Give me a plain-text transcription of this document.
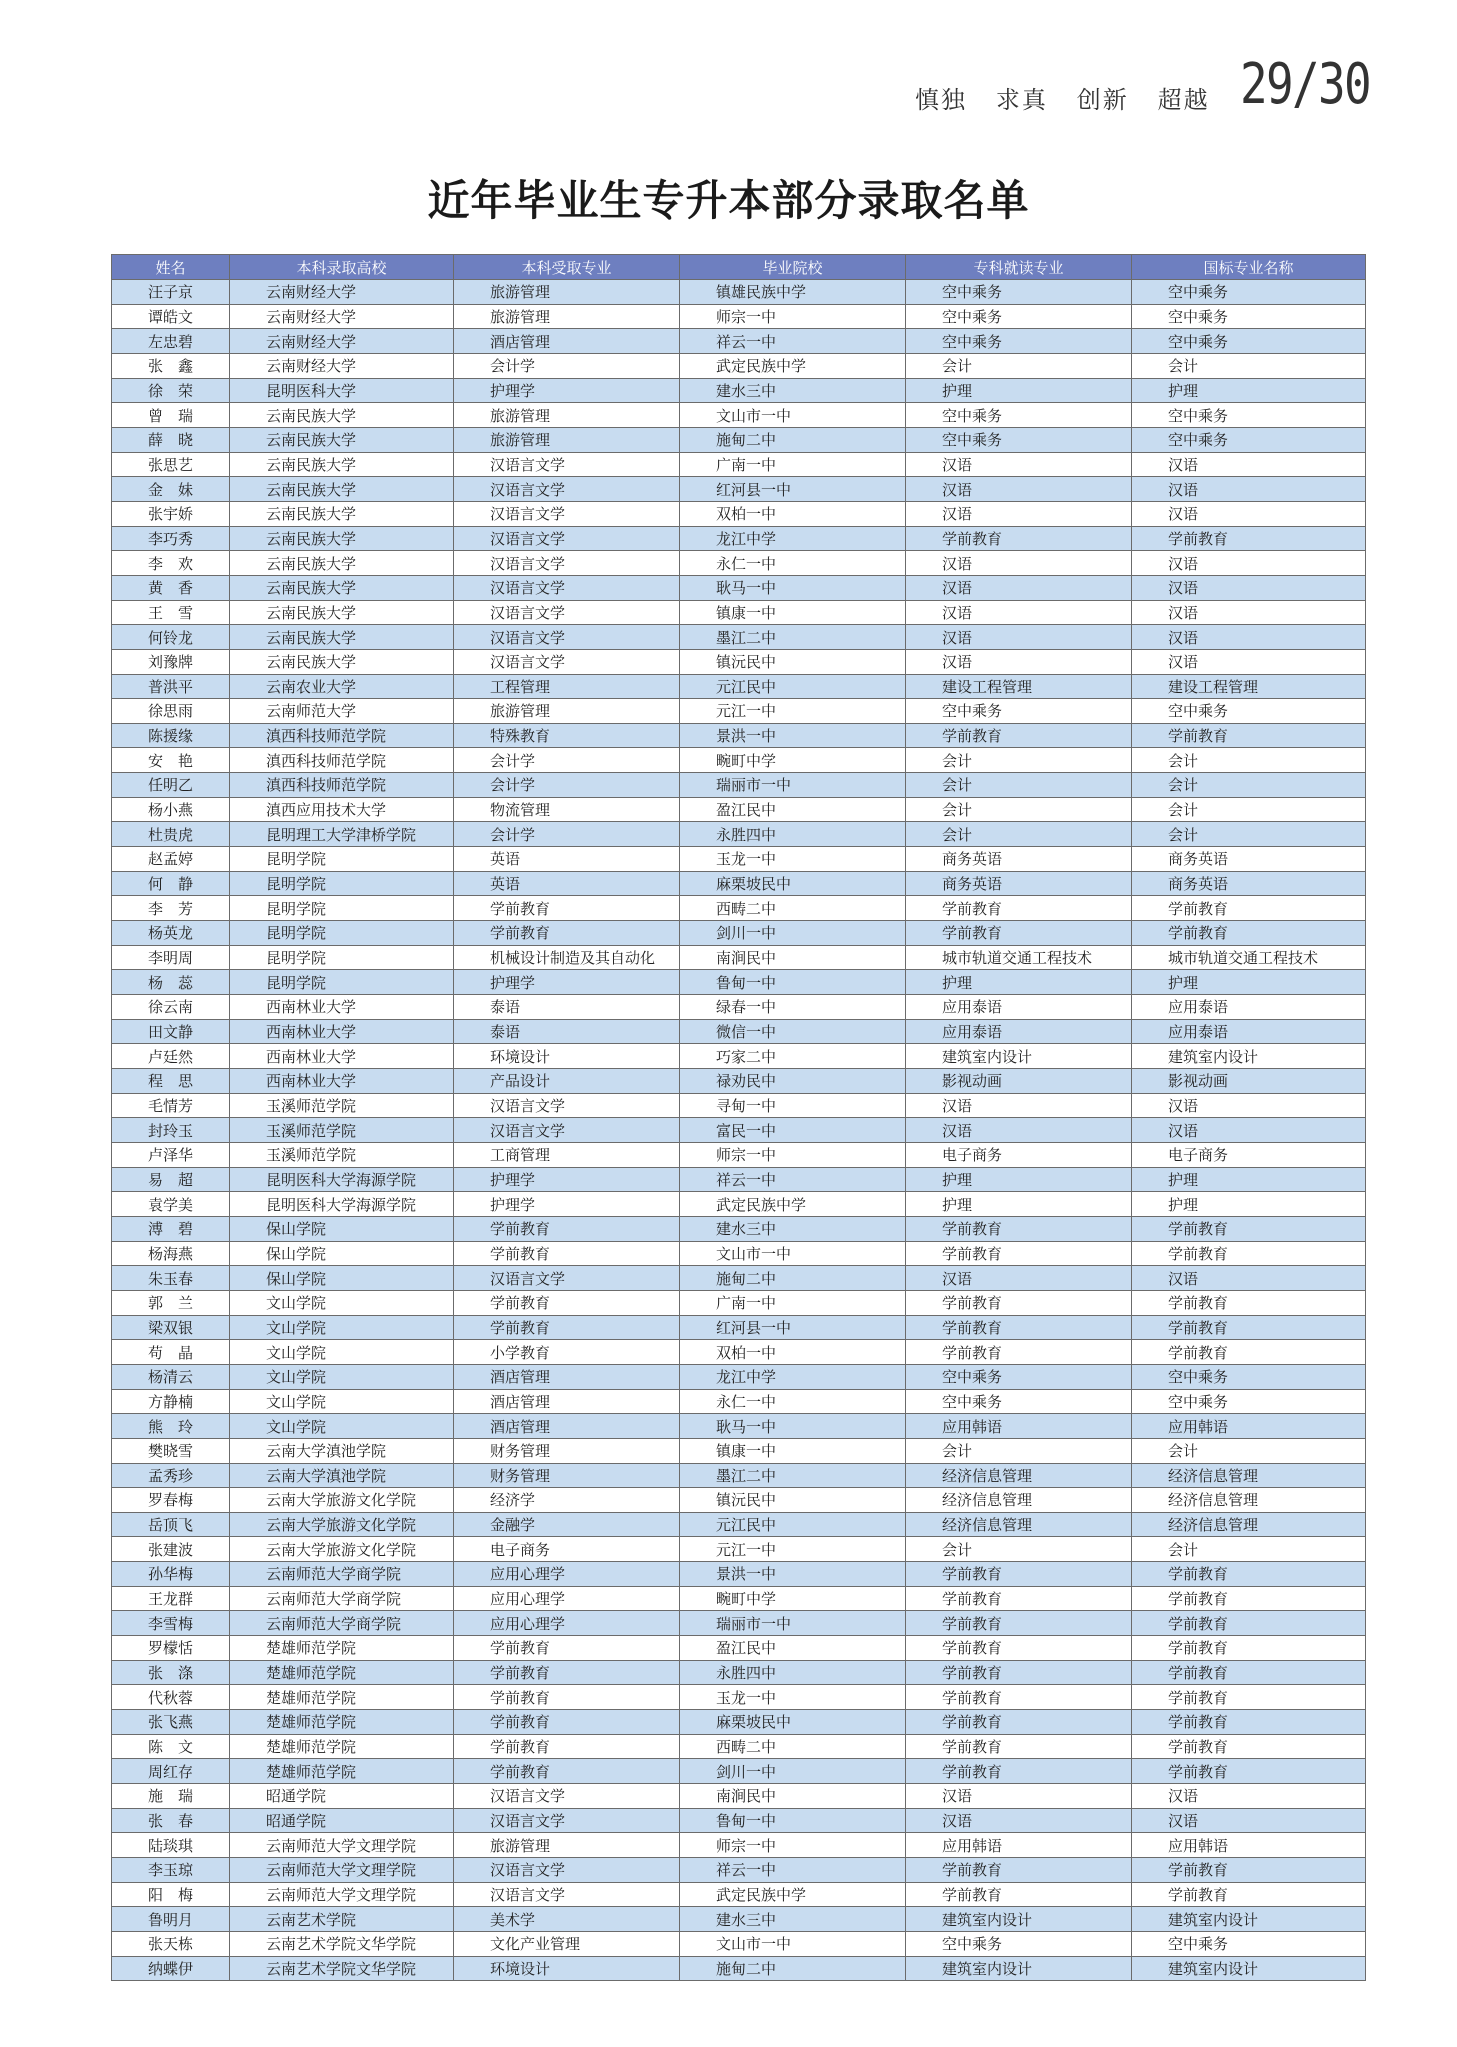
慎独   求真   创新   超越 29/30
近年毕业生专升本部分录取名单
姓名	本科录取高校	本科受取专业	毕业院校	专科就读专业	国标专业名称
汪子京	云南财经大学	旅游管理	镇雄民族中学	空中乘务	空中乘务
谭皓文	云南财经大学	旅游管理	师宗一中	空中乘务	空中乘务
左忠碧	云南财经大学	酒店管理	祥云一中	空中乘务	空中乘务
张　鑫	云南财经大学	会计学	武定民族中学	会计	会计
徐　荣	昆明医科大学	护理学	建水三中	护理	护理
曾　瑞	云南民族大学	旅游管理	文山市一中	空中乘务	空中乘务
薛　晓	云南民族大学	旅游管理	施甸二中	空中乘务	空中乘务
张思艺	云南民族大学	汉语言文学	广南一中	汉语	汉语
金　妹	云南民族大学	汉语言文学	红河县一中	汉语	汉语
张宇娇	云南民族大学	汉语言文学	双柏一中	汉语	汉语
李巧秀	云南民族大学	汉语言文学	龙江中学	学前教育	学前教育
李　欢	云南民族大学	汉语言文学	永仁一中	汉语	汉语
黄　香	云南民族大学	汉语言文学	耿马一中	汉语	汉语
王　雪	云南民族大学	汉语言文学	镇康一中	汉语	汉语
何铃龙	云南民族大学	汉语言文学	墨江二中	汉语	汉语
刘豫牌	云南民族大学	汉语言文学	镇沅民中	汉语	汉语
普洪平	云南农业大学	工程管理	元江民中	建设工程管理	建设工程管理
徐思雨	云南师范大学	旅游管理	元江一中	空中乘务	空中乘务
陈援缘	滇西科技师范学院	特殊教育	景洪一中	学前教育	学前教育
安　艳	滇西科技师范学院	会计学	畹町中学	会计	会计
任明乙	滇西科技师范学院	会计学	瑞丽市一中	会计	会计
杨小燕	滇西应用技术大学	物流管理	盈江民中	会计	会计
杜贵虎	昆明理工大学津桥学院	会计学	永胜四中	会计	会计
赵孟婷	昆明学院	英语	玉龙一中	商务英语	商务英语
何　静	昆明学院	英语	麻栗坡民中	商务英语	商务英语
李　芳	昆明学院	学前教育	西畴二中	学前教育	学前教育
杨英龙	昆明学院	学前教育	剑川一中	学前教育	学前教育
李明周	昆明学院	机械设计制造及其自动化	南涧民中	城市轨道交通工程技术	城市轨道交通工程技术
杨　蕊	昆明学院	护理学	鲁甸一中	护理	护理
徐云南	西南林业大学	泰语	绿春一中	应用泰语	应用泰语
田文静	西南林业大学	泰语	微信一中	应用泰语	应用泰语
卢廷然	西南林业大学	环境设计	巧家二中	建筑室内设计	建筑室内设计
程　思	西南林业大学	产品设计	禄劝民中	影视动画	影视动画
毛情芳	玉溪师范学院	汉语言文学	寻甸一中	汉语	汉语
封玲玉	玉溪师范学院	汉语言文学	富民一中	汉语	汉语
卢泽华	玉溪师范学院	工商管理	师宗一中	电子商务	电子商务
易　超	昆明医科大学海源学院	护理学	祥云一中	护理	护理
袁学美	昆明医科大学海源学院	护理学	武定民族中学	护理	护理
溥　碧	保山学院	学前教育	建水三中	学前教育	学前教育
杨海燕	保山学院	学前教育	文山市一中	学前教育	学前教育
朱玉春	保山学院	汉语言文学	施甸二中	汉语	汉语
郭　兰	文山学院	学前教育	广南一中	学前教育	学前教育
梁双银	文山学院	学前教育	红河县一中	学前教育	学前教育
苟　晶	文山学院	小学教育	双柏一中	学前教育	学前教育
杨清云	文山学院	酒店管理	龙江中学	空中乘务	空中乘务
方静楠	文山学院	酒店管理	永仁一中	空中乘务	空中乘务
熊　玲	文山学院	酒店管理	耿马一中	应用韩语	应用韩语
樊晓雪	云南大学滇池学院	财务管理	镇康一中	会计	会计
孟秀珍	云南大学滇池学院	财务管理	墨江二中	经济信息管理	经济信息管理
罗春梅	云南大学旅游文化学院	经济学	镇沅民中	经济信息管理	经济信息管理
岳顶飞	云南大学旅游文化学院	金融学	元江民中	经济信息管理	经济信息管理
张建波	云南大学旅游文化学院	电子商务	元江一中	会计	会计
孙华梅	云南师范大学商学院	应用心理学	景洪一中	学前教育	学前教育
王龙群	云南师范大学商学院	应用心理学	畹町中学	学前教育	学前教育
李雪梅	云南师范大学商学院	应用心理学	瑞丽市一中	学前教育	学前教育
罗檬恬	楚雄师范学院	学前教育	盈江民中	学前教育	学前教育
张　涤	楚雄师范学院	学前教育	永胜四中	学前教育	学前教育
代秋蓉	楚雄师范学院	学前教育	玉龙一中	学前教育	学前教育
张飞燕	楚雄师范学院	学前教育	麻栗坡民中	学前教育	学前教育
陈　文	楚雄师范学院	学前教育	西畴二中	学前教育	学前教育
周红存	楚雄师范学院	学前教育	剑川一中	学前教育	学前教育
施　瑞	昭通学院	汉语言文学	南涧民中	汉语	汉语
张　春	昭通学院	汉语言文学	鲁甸一中	汉语	汉语
陆琰琪	云南师范大学文理学院	旅游管理	师宗一中	应用韩语	应用韩语
李玉琼	云南师范大学文理学院	汉语言文学	祥云一中	学前教育	学前教育
阳　梅	云南师范大学文理学院	汉语言文学	武定民族中学	学前教育	学前教育
鲁明月	云南艺术学院	美术学	建水三中	建筑室内设计	建筑室内设计
张天栋	云南艺术学院文华学院	文化产业管理	文山市一中	空中乘务	空中乘务
纳蝶伊	云南艺术学院文华学院	环境设计	施甸二中	建筑室内设计	建筑室内设计
